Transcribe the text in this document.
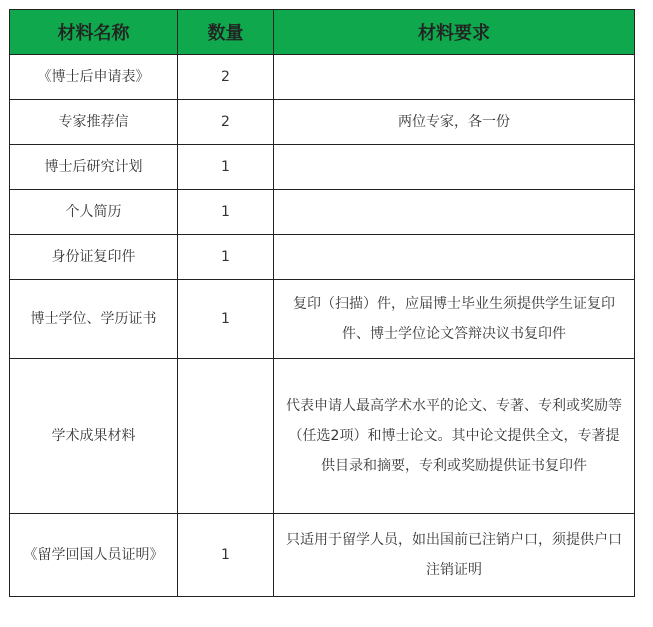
材料名称	数量	材料要求
《博士后申请表》	2	
专家推荐信	2	两位专家，各一份
博士后研究计划	1	
个人简历	1	
身份证复印件	1	
博士学位、学历证书	1	复印（扫描）件，应届博士毕业生须提供学生证复印件、博士学位论文答辩决议书复印件
学术成果材料		代表申请人最高学术水平的论文、专著、专利或奖励等（任选2项）和博士论文。其中论文提供全文，专著提供目录和摘要，专利或奖励提供证书复印件
《留学回国人员证明》	1	只适用于留学人员，如出国前已注销户口，须提供户口注销证明
